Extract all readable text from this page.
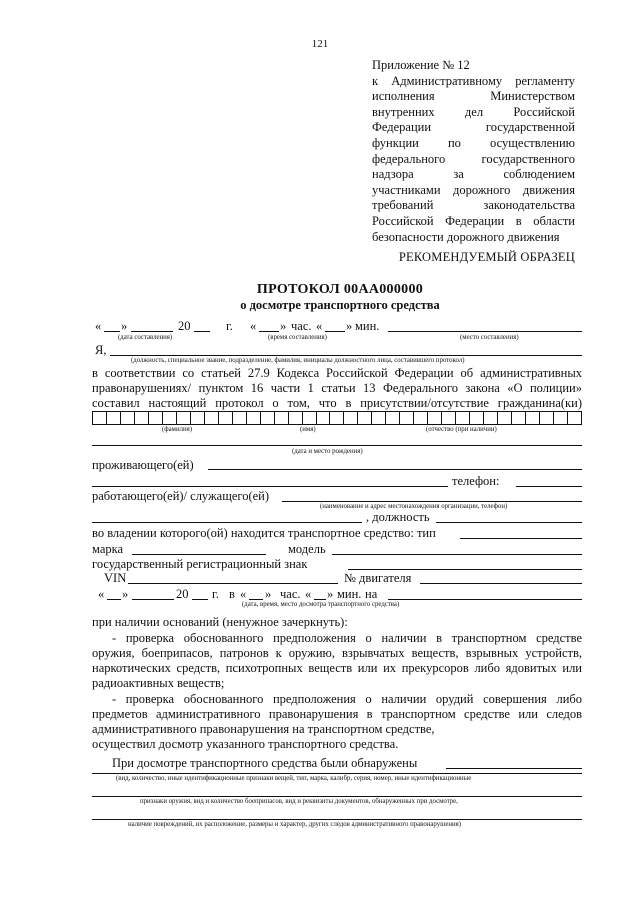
121
Приложение № 12
к Административному регламенту
исполнения Министерством
внутренних дел Российской
Федерации государственной
функции по осуществлению
федерального государственного
надзора за соблюдением
участниками дорожного движения
требований законодательства
Российской Федерации в области
безопасности дорожного движения
РЕКОМЕНДУЕМЫЙ ОБРАЗЕЦ
ПРОТОКОЛ 00АА000000
о досмотре транспортного средства
« »	20	г. « » час. « » мин.
(дата составления)	(время составления)	(место составления)
Я,
(должность, специальное звание, подразделение, фамилия, инициалы должностного лица, составившего протокол)
в соответствии со статьей 27.9 Кодекса Российской Федерации об административных
правонарушениях/ пунктом 16 части 1 статьи 13 Федерального закона «О полиции»
составил настоящий протокол о том, что в присутствии/отсутствие гражданина(ки)
(фамилия)	(имя)	(отчество (при наличии)
(дата и место рождения)
проживающего(ей)
телефон:
работающего(ей)/ служащего(ей)
(наименование и адрес местонахождения организации, телефон)
, должность
во владении которого(ой) находится транспортное средство: тип
марка	модель
государственный регистрационный знак
VIN	№ двигателя
« »	20 г. в « » час. « » мин. на
(дата, время, место досмотра транспортного средства)
при наличии оснований (ненужное зачеркнуть):
- проверка обоснованного предположения о наличии в транспортном средстве
оружия, боеприпасов, патронов к оружию, взрывчатых веществ, взрывных устройств,
наркотических средств, психотропных веществ или их прекурсоров либо ядовитых или
радиоактивных веществ;
- проверка обоснованного предположения о наличии орудий совершения либо
предметов административного правонарушения в транспортном средстве или следов
административного правонарушения на транспортном средстве,
осуществил досмотр указанного транспортного средства.
При досмотре транспортного средства были обнаружены
(вид, количество, иные идентификационные признаки вещей, тип, марка, калибр, серия, номер, иные идентификационные
признаки оружия, вид и количество боеприпасов, вид и реквизиты документов, обнаруженных при досмотре,
наличие повреждений, их расположение, размеры и характер, других следов административного правонарушения)
